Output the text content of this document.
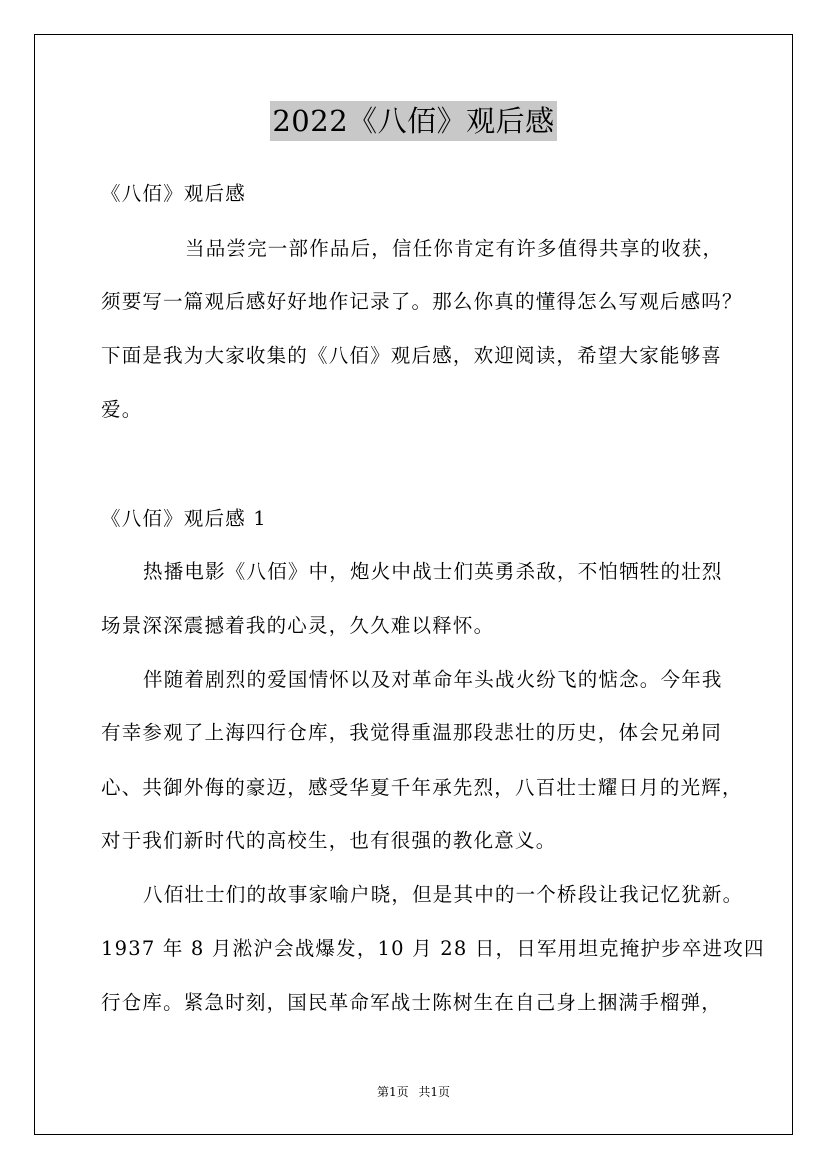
2022《八佰》观后感
《八佰》观后感
当品尝完一部作品后，信任你肯定有许多值得共享的收获，
须要写一篇观后感好好地作记录了。那么你真的懂得怎么写观后感吗？
下面是我为大家收集的《八佰》观后感，欢迎阅读，希望大家能够喜
爱。
《八佰》观后感 1
热播电影《八佰》中，炮火中战士们英勇杀敌，不怕牺牲的壮烈
场景深深震撼着我的心灵，久久难以释怀。
伴随着剧烈的爱国情怀以及对革命年头战火纷飞的惦念。今年我
有幸参观了上海四行仓库，我觉得重温那段悲壮的历史，体会兄弟同
心、共御外侮的豪迈，感受华夏千年承先烈，八百壮士耀日月的光辉，
对于我们新时代的高校生，也有很强的教化意义。
八佰壮士们的故事家喻户晓，但是其中的一个桥段让我记忆犹新。
1937 年 8 月淞沪会战爆发，10 月 28 日，日军用坦克掩护步卒进攻四
行仓库。紧急时刻，国民革命军战士陈树生在自己身上捆满手榴弹，
第1页 共1页
